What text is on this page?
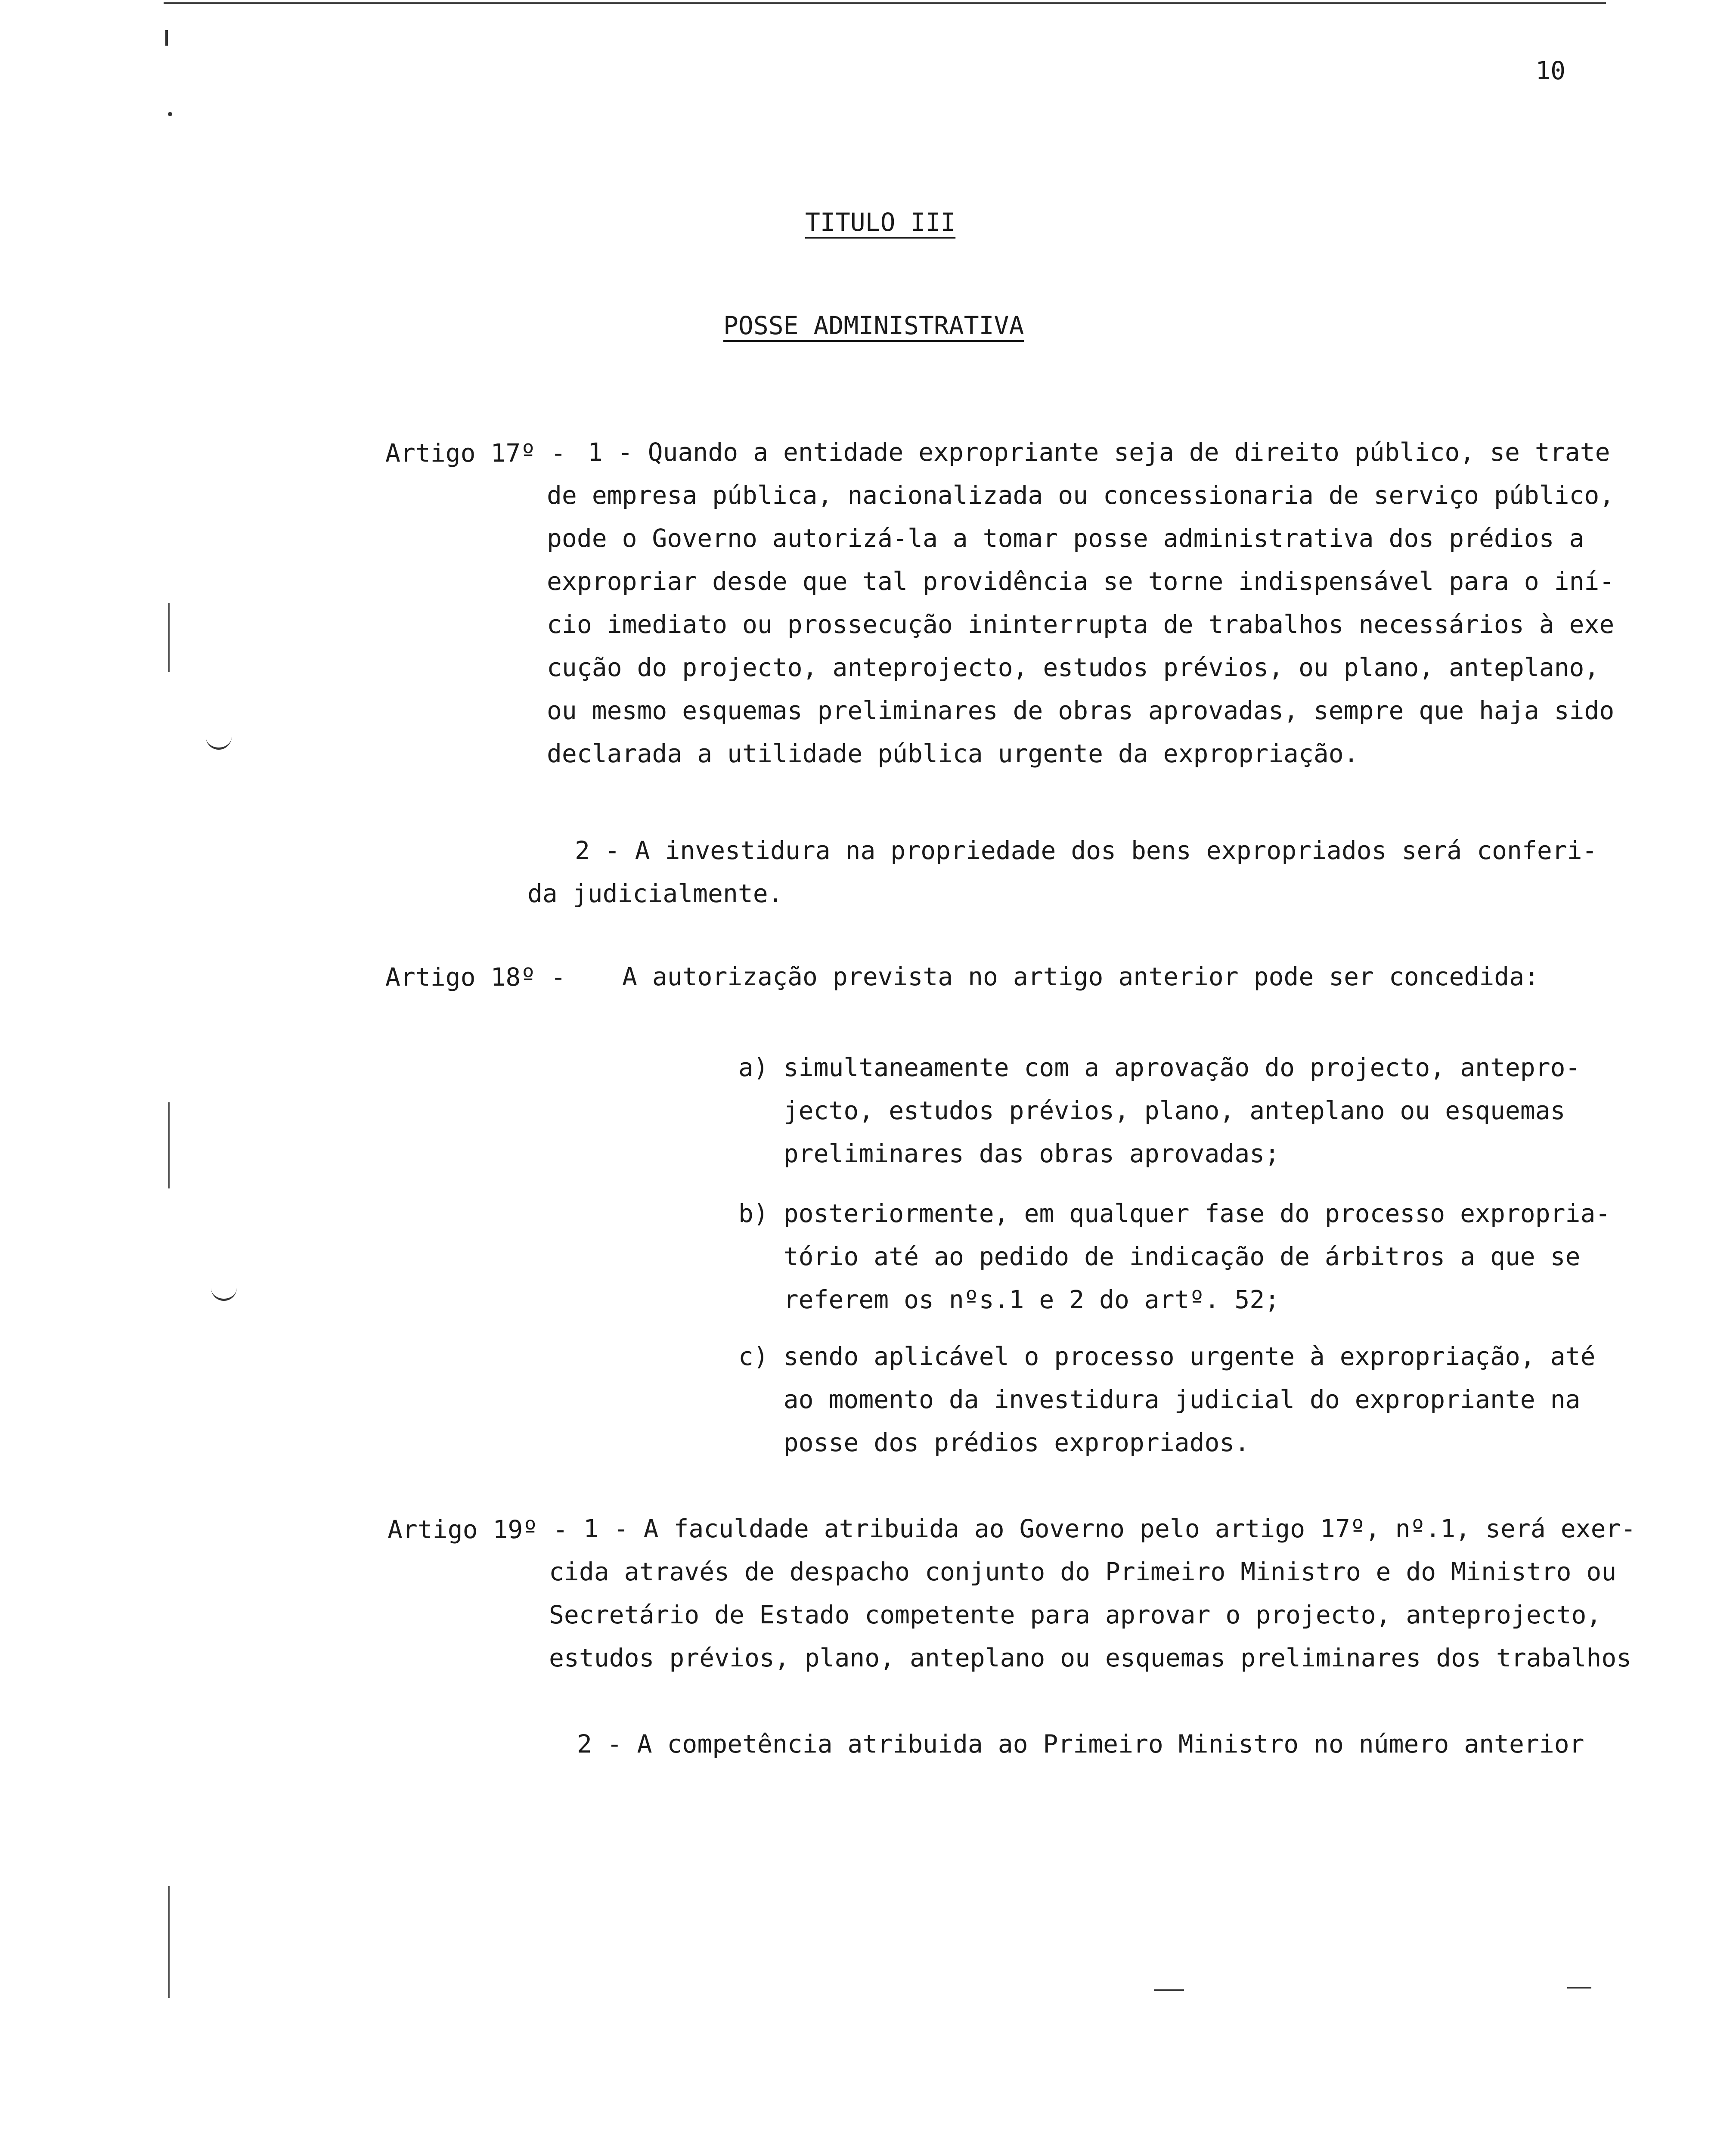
10
TITULO III
POSSE ADMINISTRATIVA
Artigo 17º - 1 - Quando a entidade expropriante seja de direito público, se trate
de empresa pública, nacionalizada ou concessionaria de serviço público,
pode o Governo autorizá-la a tomar posse administrativa dos prédios a
expropriar desde que tal providência se torne indispensável para o iní-
cio imediato ou prossecução ininterrupta de trabalhos necessários à exe
cução do projecto, anteprojecto, estudos prévios, ou plano, anteplano,
ou mesmo esquemas preliminares de obras aprovadas, sempre que haja sido
declarada a utilidade pública urgente da expropriação.
2 - A investidura na propriedade dos bens expropriados será conferi-
da judicialmente.
Artigo 18º - A autorização prevista no artigo anterior pode ser concedida:
a) simultaneamente com a aprovação do projecto, antepro-
jecto, estudos prévios, plano, anteplano ou esquemas
preliminares das obras aprovadas;
b) posteriormente, em qualquer fase do processo expropria-
tório até ao pedido de indicação de árbitros a que se
referem os nºs.1 e 2 do artº. 52;
c) sendo aplicável o processo urgente à expropriação, até
ao momento da investidura judicial do expropriante na
posse dos prédios expropriados.
Artigo 19º - 1 - A faculdade atribuida ao Governo pelo artigo 17º, nº.1, será exer-
cida através de despacho conjunto do Primeiro Ministro e do Ministro ou
Secretário de Estado competente para aprovar o projecto, anteprojecto,
estudos prévios, plano, anteplano ou esquemas preliminares dos trabalhos
2 - A competência atribuida ao Primeiro Ministro no número anterior
